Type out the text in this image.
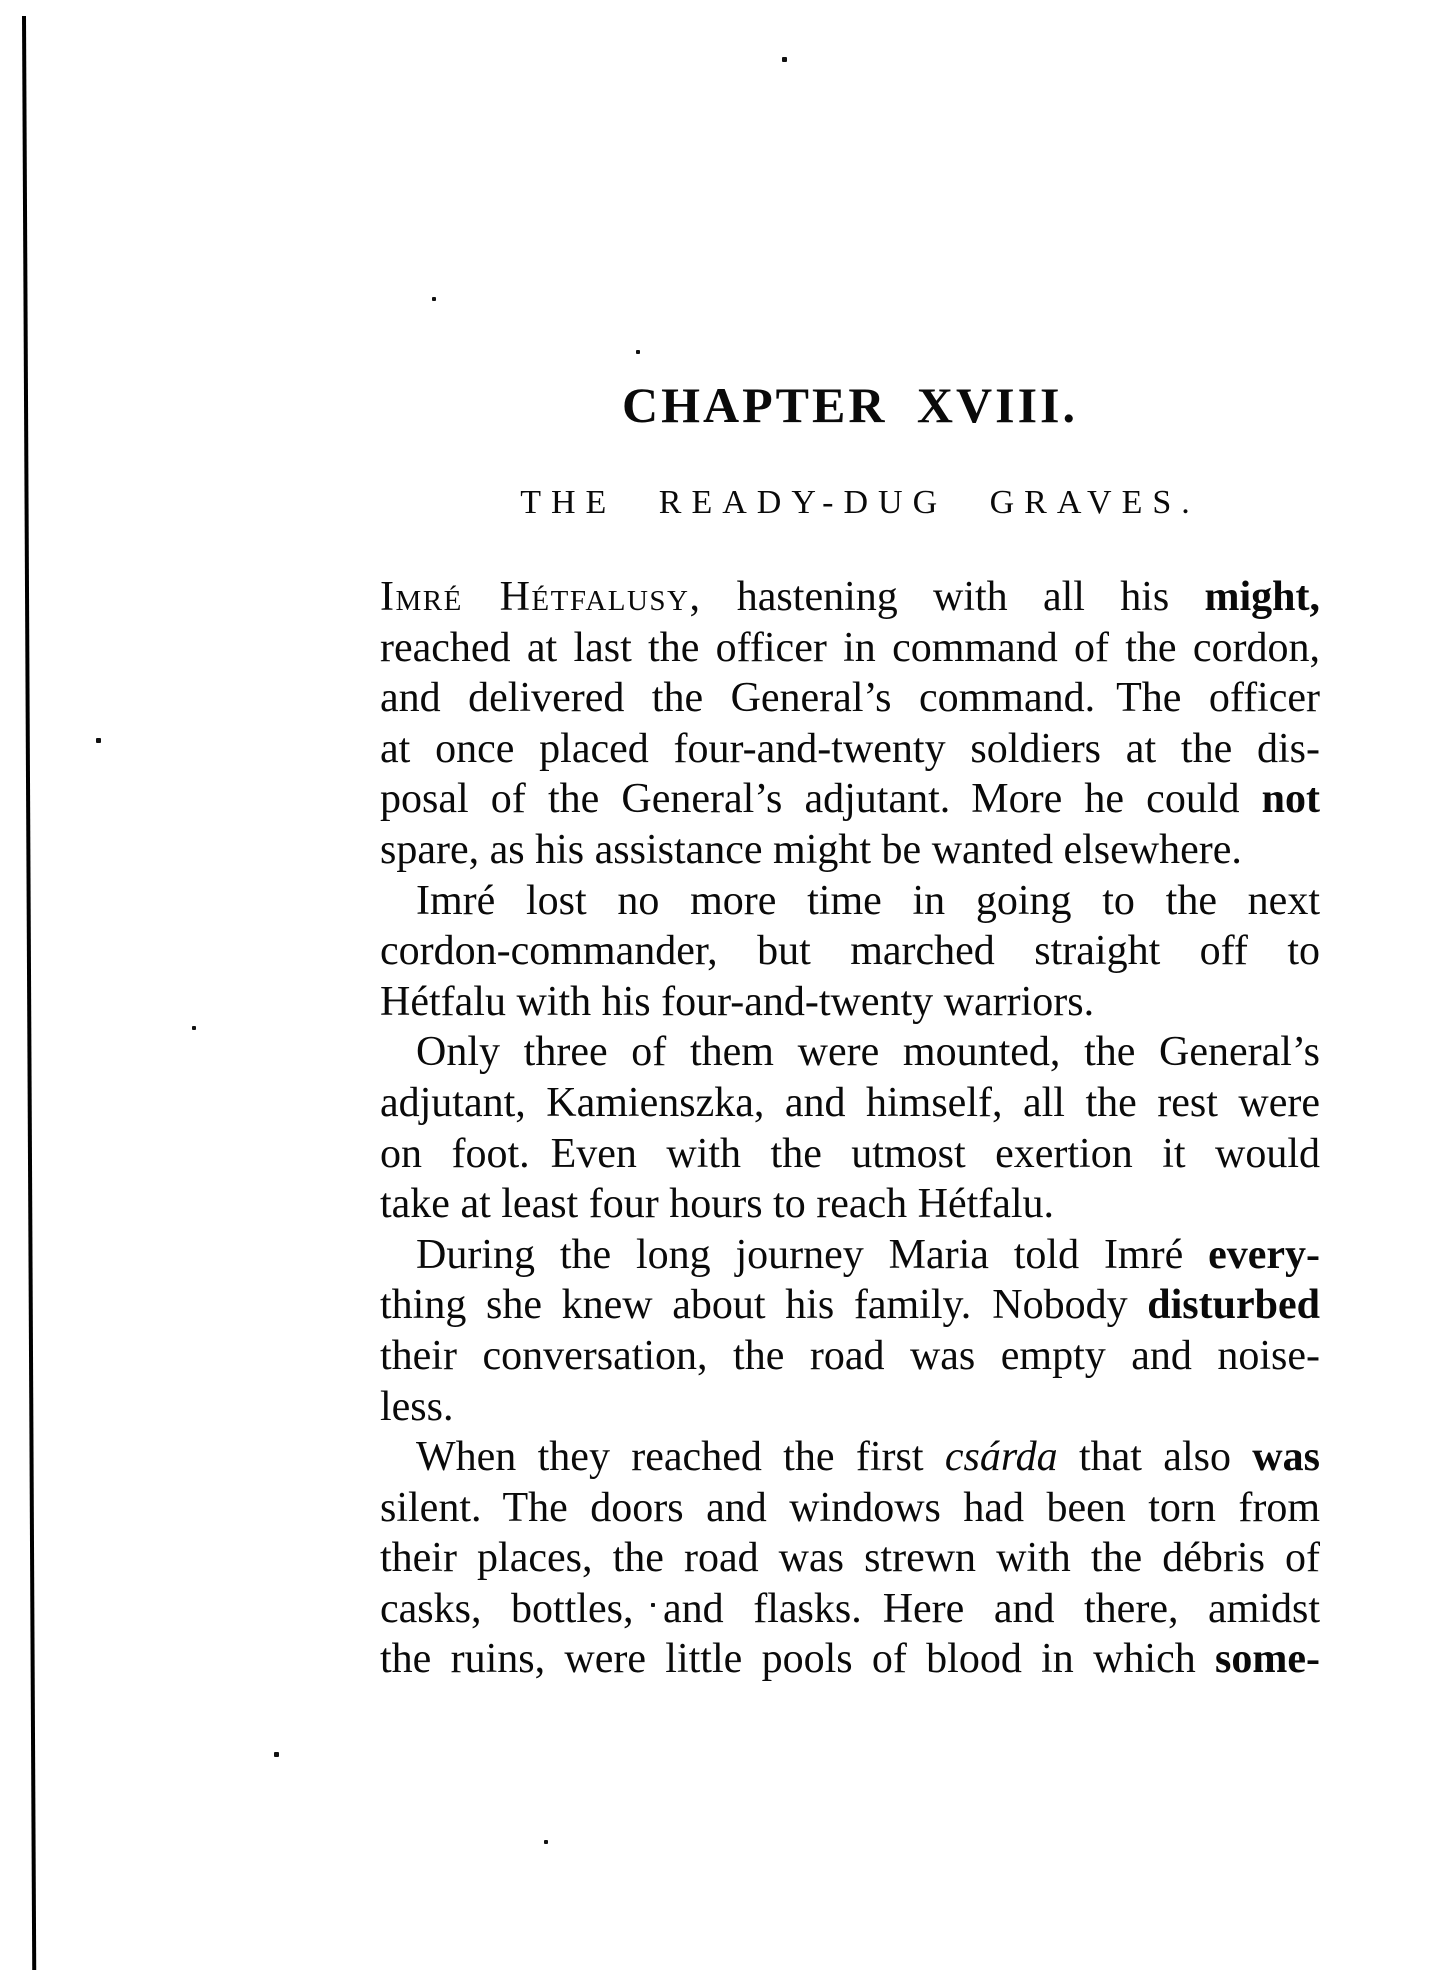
CHAPTER XVIII.
THE READY-DUG GRAVES.
Imré Hétfalusy, hastening with all his might,
reached at last the officer in command of the cordon,
and delivered the General’s command. The officer
at once placed four-and-twenty soldiers at the dis-
posal of the General’s adjutant. More he could not
spare, as his assistance might be wanted elsewhere.
Imré lost no more time in going to the next
cordon-commander, but marched straight off to
Hétfalu with his four-and-twenty warriors.
Only three of them were mounted, the General’s
adjutant, Kamienszka, and himself, all the rest were
on foot. Even with the utmost exertion it would
take at least four hours to reach Hétfalu.
During the long journey Maria told Imré every-
thing she knew about his family. Nobody disturbed
their conversation, the road was empty and noise-
less.
When they reached the first csárda that also was
silent. The doors and windows had been torn from
their places, the road was strewn with the débris of
casks, bottles, and flasks. Here and there, amidst
the ruins, were little pools of blood in which some-
